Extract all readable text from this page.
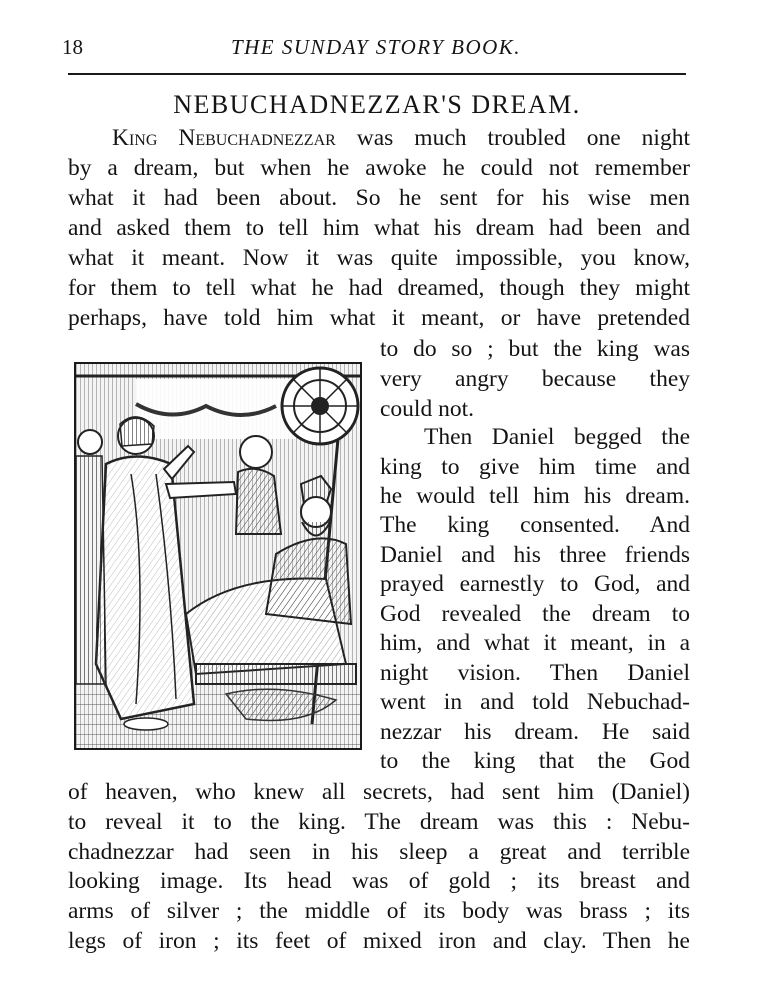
18	THE SUNDAY STORY BOOK.
NEBUCHADNEZZAR'S DREAM.
King Nebuchadnezzar was much troubled one night
by a dream, but when he awoke he could not remember
what it had been about. So he sent for his wise men
and asked them to tell him what his dream had been and
what it meant. Now it was quite impossible, you know,
for them to tell what he had dreamed, though they might
perhaps, have told him what it meant, or have pretended
to do so ; but the king was
very angry because they
could not.
Then Daniel begged the
king to give him time and
he would tell him his dream.
The king consented. And
Daniel and his three friends
prayed earnestly to God, and
God revealed the dream to
him, and what it meant, in a
night vision. Then Daniel
went in and told Nebuchad-
nezzar his dream. He said
to the king that the God
of heaven, who knew all secrets, had sent him (Daniel)
to reveal it to the king. The dream was this : Nebu-
chadnezzar had seen in his sleep a great and terrible
looking image. Its head was of gold ; its breast and
arms of silver ; the middle of its body was brass ; its
legs of iron ; its feet of mixed iron and clay. Then he
